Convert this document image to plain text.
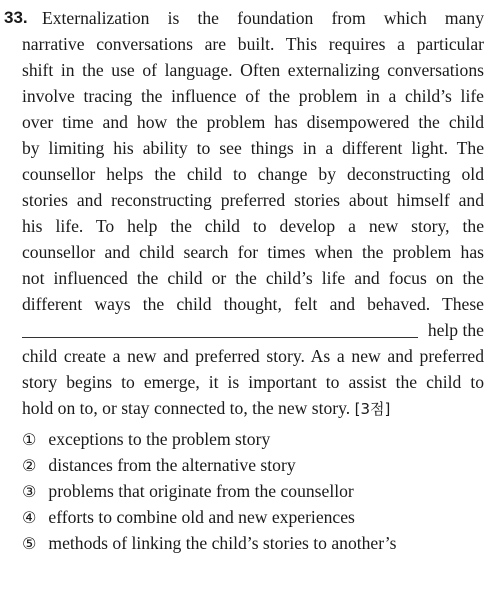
33. Externalization is the foundation from which many
narrative conversations are built. This requires a particular
shift in the use of language. Often externalizing conversations
involve tracing the influence of the problem in a child’s life
over time and how the problem has disempowered the child
by limiting his ability to see things in a different light. The
counsellor helps the child to change by deconstructing old
stories and reconstructing preferred stories about himself and
his life. To help the child to develop a new story, the
counsellor and child search for times when the problem has
not influenced the child or the child’s life and focus on the
different ways the child thought, felt and behaved. These
help the
child create a new and preferred story. As a new and preferred
story begins to emerge, it is important to assist the child to
hold on to, or stay connected to, the new story. [3점]
① exceptions to the problem story
② distances from the alternative story
③ problems that originate from the counsellor
④ efforts to combine old and new experiences
⑤ methods of linking the child’s stories to another’s
